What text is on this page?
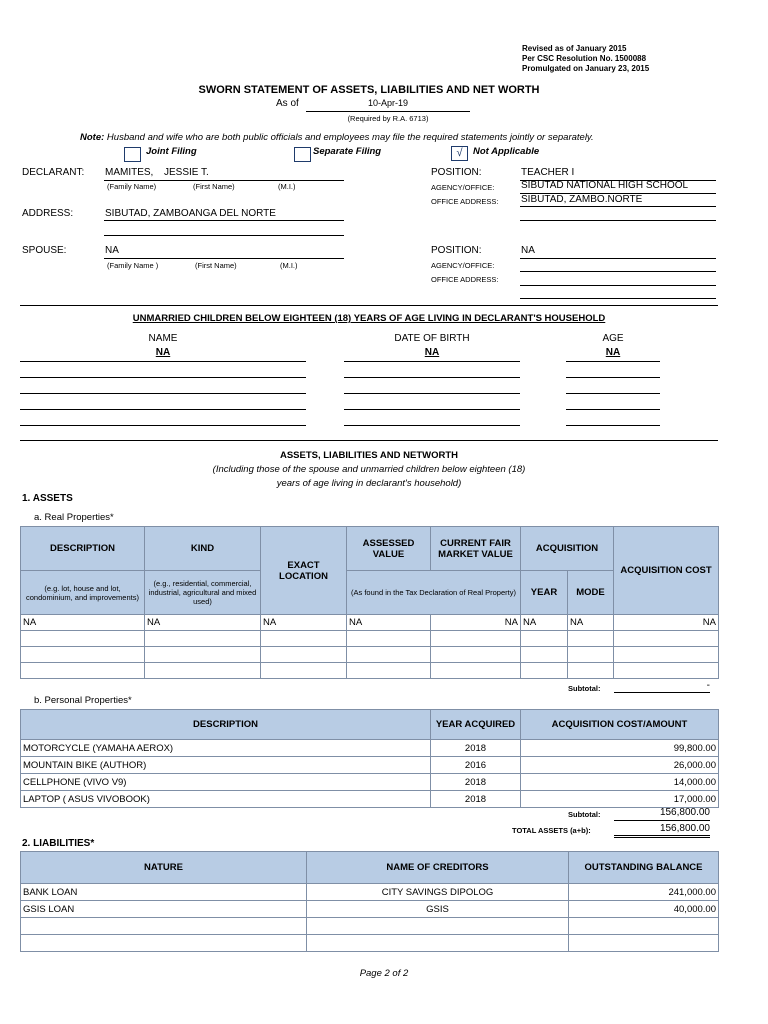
Revised as of January 2015
Per CSC Resolution No. 1500088
Promulgated on January 23, 2015
SWORN STATEMENT OF ASSETS, LIABILITIES AND NET WORTH
As of	10-Apr-19
(Required by R.A. 6713)
Note: Husband and wife who are both public officials and employees may file the required statements jointly or separately.
Joint Filing	Separate Filing	√	Not Applicable
DECLARANT: MAMITES, JESSIE T.
(Family Name)	(First Name)	(M.I.)
POSITION:	TEACHER I
AGENCY/OFFICE:	SIBUTAD NATIONAL HIGH SCHOOL
OFFICE ADDRESS: SIBUTAD, ZAMBO.NORTE
ADDRESS:	SIBUTAD, ZAMBOANGA DEL NORTE
SPOUSE:	NA
(Family Name )	(First Name)	(M.I.)
POSITION:	NA
AGENCY/OFFICE:
OFFICE ADDRESS:
UNMARRIED CHILDREN BELOW EIGHTEEN (18) YEARS OF AGE LIVING IN DECLARANT'S HOUSEHOLD
NAME	DATE OF BIRTH	AGE
NA	NA	NA
ASSETS, LIABILITIES AND NETWORTH
(Including those of the spouse and unmarried children below eighteen (18)
years of age living in declarant's household)
1. ASSETS
a. Real Properties*
DESCRIPTION	KIND	EXACT LOCATION	ASSESSED VALUE	CURRENT FAIR MARKET VALUE	ACQUISITION		ACQUISITION COST
(e.g. lot, house and lot, condominium, and improvements)	(e.g., residential, commercial, industrial, agricultural and mixed used)		(As found in the Tax Declaration of Real Property)		YEAR	MODE	
NA	NA	NA	NA	NA	NA	NA	NA

Subtotal:	-
b. Personal Properties*
DESCRIPTION	YEAR ACQUIRED	ACQUISITION COST/AMOUNT
MOTORCYCLE (YAMAHA AEROX)	2018	99,800.00
MOUNTAIN BIKE (AUTHOR)	2016	26,000.00
CELLPHONE (VIVO V9)	2018	14,000.00
LAPTOP ( ASUS VIVOBOOK)	2018	17,000.00
Subtotal:	156,800.00
TOTAL ASSETS (a+b):	156,800.00
2. LIABILITIES*
NATURE	NAME OF CREDITORS	OUTSTANDING BALANCE
BANK LOAN	CITY SAVINGS DIPOLOG	241,000.00
GSIS LOAN	GSIS	40,000.00

Page 2 of 2
